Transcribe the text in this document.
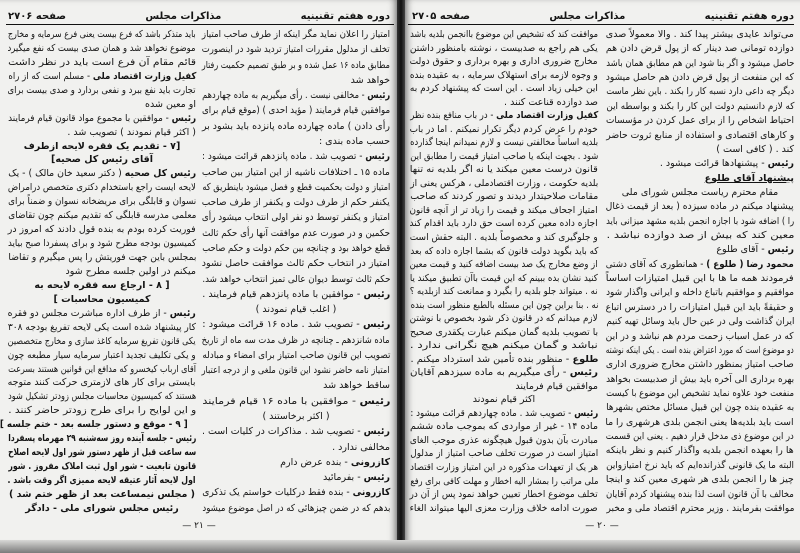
صفحه ۲۷۰۶	مذاکرات مجلس	دوره هفتم تقنینیه
امتیاز را اعلان نماید مگر اینکه از طرف صاحب امتیاز
تخلف از مدلول مقررات امتیاز تردید شود در اینصورت
مطابق ماده ۱۶ عمل شده و بر طبق تصمیم حکمیت رفتار
خواهد شد
رئیس - مخالفی نیست . رأی میگیریم به ماده چهاردهم
موافقین قیام فرمایند ( مؤید احدی ) (موقع قیام برای
رأی دادن ) ماده چهارده ماده پانزده باید بشود بر
حسب ماده بندی :
رئیس - تصویب شد . ماده پانزدهم قرائت میشود :
ماده ۱۵ ـ اختلافات ناشیه از این امتیاز بین صاحب
امتیاز و دولت بحکمیت قطع و فصل میشود باینطریق که
یکنفر حکم از طرف دولت و یکنفر از طرف صاحب
امتیاز و یکنفر توسط دو نفر اولی انتخاب میشود رأی
حکمین و در صورت عدم موافقت آنها رأی حکم ثالث
قطع خواهد بود و چنانچه بین حکم دولت و حکم صاحب
امتیاز در انتخاب حکم ثالث موافقت حاصل نشود
حکم ثالث توسط دیوان عالی تمیز انتخاب خواهد شد.
رئیس - موافقین با ماده پانزدهم قیام فرمایند .
( اغلب قیام نمودند )
رئیس - تصویب شد . ماده ۱۶ قرائت میشود :
ماده شانزدهم ـ چنانچه در ظرف مدت سه ماه از تاریخ
تصویب این قانون صاحب امتیاز برای امضاء و مبادله
امتیاز نامه حاضر نشود این قانون ملغی و از درجه اعتبار
ساقط خواهد شد
رئیس - موافقین با ماده ۱۶ قیام فرمایند
( اکثر برخاستند )
رئیس - تصویب شد . مذاکرات در کلیات است .
مخالفی ندارد .
کازرونی - بنده عرض دارم
رئیس - بفرمائید
کازرونی - بنده فقط درکلیات خواستم یک تذکری
بدهم که در ضمن چیزهائی که در اصل موضوع میشود
باید متذکر باشد که فرع بیست یعنی فرع سرمایه و مخارج
موضوع نخواهد شد و همان صدی بیست که نفع میگیرد
قائم مقام آن فرع است باید در نظر داشت
کفیل وزارت اقتصاد ملی - مسلم است که از راه
تجارت باید نفع ببرد و نفعی بردارد و صدی بیست برای
او معین شده
رئیس - موافقین با مجموع مواد قانون قیام فرمایند
( اکثر قیام نمودند ) تصویب شد .
[۷ - تقدیم یک فقره لایحه ازطرف
آقای رئیس کل صحیه]
رئیس کل صحیه ( دکتر سعید خان مالک ) - یک
لایحه ایست راجع باستخدام دکتری متخصص درامراض
نسوان و قابلگی برای مریضخانه نسوان و ضمناً برای
معلمی مدرسه قابلگی که تقدیم میکنم چون تقاضای
فوریت کرده بودم به بنده قول دادند که امروز در
کمیسیون بودجه مطرح شود و برای پسفردا صبح بیاید
بمجلس باین جهت فوریتش را پس میگیرم و تقاضا
میکنم در اولین جلسه مطرح شود
[ ۸ - ارجاع سه فقره لایحه به
کمیسیون محاسبات ]
رئیس - از طرف اداره مباشرت مجلس دو فقره
کار پیشنهاد شده است یکی لایحه تفریغ بودجه ۳۰۸
یکی قانون تفریغ سرمایه کاغذ سازی و مخارج متخصصین
و یکی تکلیف تجدید اعتبار سرمایه سیار مطبعه چون
آقای ارباب کیخسرو که مدافع این قوانین هستند بسرعت
بایستی برای کار های لازمتری حرکت کنند متوجه
هستند که کمیسیون محاسبات مجلس زودتر تشکیل شود
و این لوایح را برای طرح زودتر حاضر کنند .
[ ۹ - موقع و دستور جلسه بعد - ختم جلسه ]
رئیس - جلسه آینده روز سه‌شنبه ۲۹ مهرماه پسفردا
سه ساعت قبل از ظهر دستور شور اول لایحه اصلاح
قانون تابعیت - شور اول ثبت املاک مفروز . شور
اول لایحه آثار عتیقه لایحه ممیزی اگر وقت باشد .
( مجلس نیمساعت بعد از ظهر ختم شد )
رئیس مجلس شورای ملی - دادگر
— ۲۱ —
صفحه ۲۷۰۵	مذاکرات مجلس	دوره هفتم تقنینیه
می‌تواند عایدی بیشتر پیدا کند . والا معمولاً صدی
دوازده تومانی صد دینار که از پول قرض دادن هم
حاصل میشود و اگر بنا شود این هم مطابق همان باشد
که این منفعت از پول قرض دادن هم حاصل میشود
دیگر چه داعی دارد نسبه کار را بکند . باین نظر ماست
که لازم دانستیم دولت این کار را بکند و بواسطه این
احتیاط اشخاص را از برای عمل کردن در مؤسسات
و کارهای اقتصادی و استفاده از منابع ثروت حاضر
کند . ( کافی است )
رئیس - پیشنهادها قرائت میشود .
پیشنهاد آقای طلوع
مقام محترم ریاست مجلس شورای ملی
پیشنهاد میکنم در ماده سیزده ( بعد از قیمت ذغال
را ) اضافه شود با اجازه انجمن بلدیه مشهد میزانی باید
معین کند که بیش از صد دوازده نباشد .
رئیس - آقای طلوع
محمود رضا ( طلوع ) - همانطوری که آقای دشتی
فرمودند همه ما ها با این قبیل امتیازات اساساً
موافقیم و موافقیم باتباع داخله و ایرانی واگذار شود
و حقیقةً باید این قبیل امتیازات را در دسترس اتباع
ایران گذاشت ولی در عین حال باید وسائل تهیه کنیم
که در عمل اسباب زحمت مردم هم نباشد و در این
دو موضوع است که مورد اعتراض بنده است . یکی اینکه نوشته
صاحب امتیاز بمنظور داشتن مخارج ضروری اداری
بهره برداری الی آخره باید بیش از صدبیست بخواهد
منفعت خود علاوه نماید تشخیص این موضوع با کیست
به عقیده بنده چون این قبیل مسائل مختص بشهرها
است باید بلدیه‌ها یعنی انجمن بلدی هرشهری را ما
در این موضوع ذی مدخل قرار دهیم . یعنی این قسمت
ها را بعهده انجمن بلدیه واگذار کنیم و نظر باینکه
البته ما یک قانونی گذرانده‌ایم که باید نرخ امتیازواین
چیز ها را انجمن بلدی هر شهری معین کند و اینجا
مخالف با آن قانون است لذا بنده پیشنهاد کردم آقایان
موافقت بفرمایند . وزیر محترم اقتصاد ملی و مخبر
موافقت کند که تشخیص این موضوع باانجمن بلدیه باشد
یکی هم راجع به صدبیست ، نوشته بامنظور داشتن
مخارج ضروری اداری و بهره برداری و حقوق دولت
و وجوه لازمه برای استهلاک سرمایه ، به عقیده بنده
این خیلی زیاد است . این است که پیشنهاد کردم به
صد دوازده قناعت کنند .
کفیل وزارت اقتصاد ملی - در باب منافع بنده نظر
خودم را عرض کردم دیگر تکرار نمیکنم . اما در باب
بلدیه اساساً مخالفتی نیست و لازم نمیدانم اینجا گذارده
شود . بجهت اینکه یا صاحب امتیاز قیمت را مطابق این
قانون درست معین میکند یا نه اگر بلدیه نه تنها
بلدیه حکومت ، وزارت اقتصادملی ، هرکس یعنی از
مقامات صلاحیتدار دیدند و تصور کردند که صاحب
امتیاز اجحاف میکند و قیمت را زیاد تر از آنچه قانون
اجازه داده معین کرده است حق دارد باید اقدام کند
و جلوگیری کند و مخصوصاً بلدیه . البته حقش است
که باید بگوید دولت قانون که بشما اجازه داده که بعد
از وضع مخارج یک صد بیست اضافه کنید و قیمت معین
کنید نشان بده ببینم که این قیمت باآن تطبیق میکند یا
نه . میتواند جلو بلدیه را بگیرد و ممانعت کند ازبلدیه ؟
نه . بنا براین چون این مسئله بالطبع منظور است بنده
لازم میدانم که در قانون ذکر شود بخصوص با نوشتن
با تصویب بلدیه گمان میکنم عبارت یکقدری صحیح
نباشد و گمان میکنم هیچ نگرانی ندارد .
طلوع - منظور بنده تأمین شد استرداد میکنم .
رئیس - رأی میگیریم به ماده سیزدهم آقایان
موافقین قیام فرمایند
اکثر قیام نمودند
رئیس - تصویب شد . ماده چهاردهم قرائت میشود :
ماده ۱۴ - غیر از مواردی که بموجب ماده ششم
مبادرت بآن بدون قبول هیچگونه عذری موجب الغای
امتیاز است در صورت تخلف صاحب امتیاز از مدلول
هر یک از تعهدات مذکوره در این امتیاز وزارت اقتصاد
ملی مراتب را بمشار الیه اخطار و مهلت کافی برای رفع
تخلف موضوع اخطار تعیین خواهد نمود پس از آن در
صورت ادامه خلاف وزارت معزی الیها میتواند الغاء
— ۲۰ —
